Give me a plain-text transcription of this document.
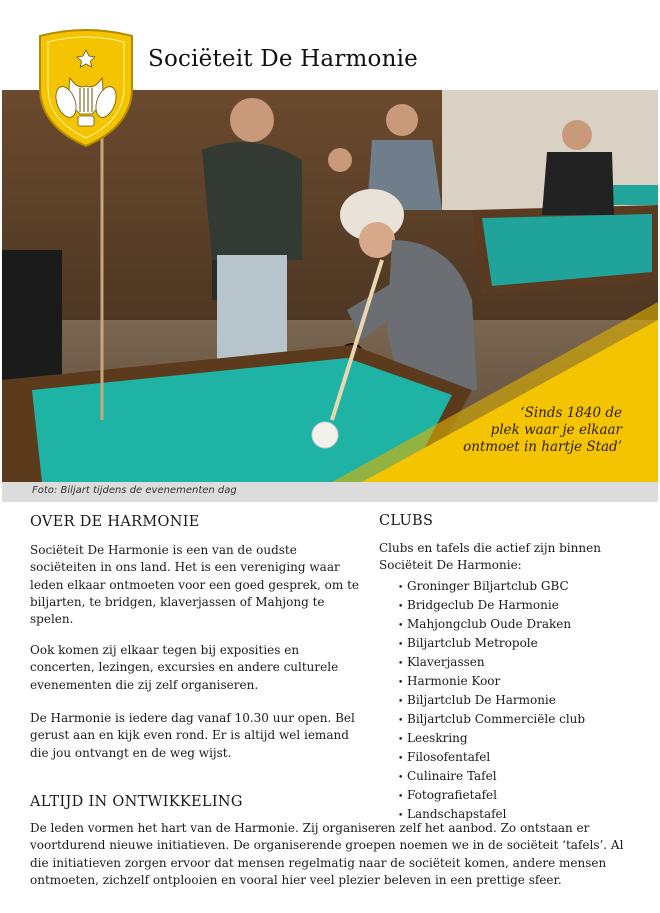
Sociëteit De Harmonie
‘Sinds 1840 de
plek waar je elkaar
ontmoet in hartje Stad’
Foto: Biljart tijdens de evenementen dag
OVER DE HARMONIE

Sociëteit De Harmonie is een van de oudste sociëteiten in ons land. Het is een vereniging waar leden elkaar ontmoeten voor een goed gesprek, om te biljarten, te bridgen, klaverjassen of Mahjong te spelen.

Ook komen zij elkaar tegen bij exposities en concerten, lezingen, excursies en andere culturele evenementen die zij zelf organiseren.

De Harmonie is iedere dag vanaf 10.30 uur open. Bel gerust aan en kijk even rond. Er is altijd wel iemand die jou ontvangt en de weg wijst.

CLUBS

Clubs en tafels die actief zijn binnen Sociëteit De Harmonie:

• Groninger Biljartclub GBC
• Bridgeclub De Harmonie
• Mahjongclub Oude Draken
• Biljartclub Metropole
• Klaverjassen
• Harmonie Koor
• Biljartclub De Harmonie
• Biljartclub Commerciële club
• Leeskring
• Filosofentafel
• Culinaire Tafel
• Fotografietafel
• Landschapstafel
ALTIJD IN ONTWIKKELING

De leden vormen het hart van de Harmonie. Zij organiseren zelf het aanbod. Zo ontstaan er voortdurend nieuwe initiatieven. De organiserende groepen noemen we in de sociëteit ‘tafels’. Al die initiatieven zorgen ervoor dat mensen regelmatig naar de sociëteit komen, andere mensen ontmoeten, zichzelf ontplooien en vooral hier veel plezier beleven in een prettige sfeer.
